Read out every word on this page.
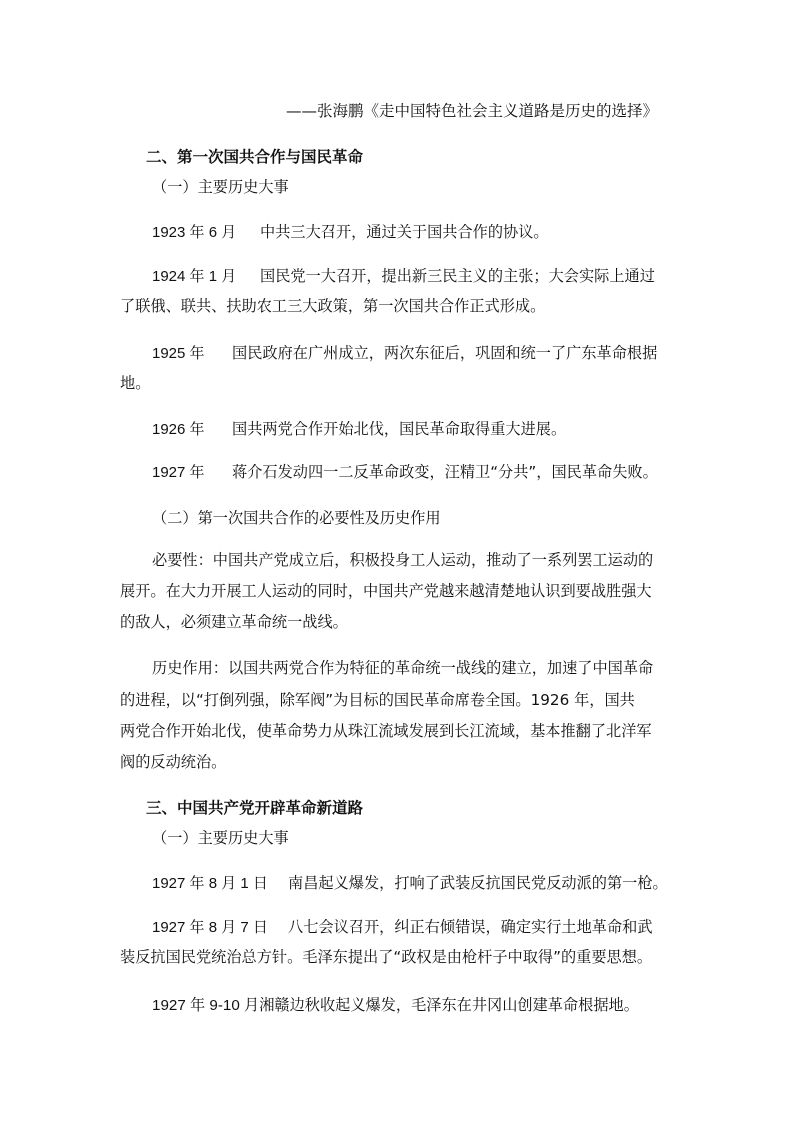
——张海鹏《走中国特色社会主义道路是历史的选择》
二、第一次国共合作与国民革命
（一）主要历史大事
1923 年 6 月 中共三大召开，通过关于国共合作的协议。
1924 年 1 月 国民党一大召开，提出新三民主义的主张；大会实际上通过
了联俄、联共、扶助农工三大政策，第一次国共合作正式形成。
1925 年 国民政府在广州成立，两次东征后，巩固和统一了广东革命根据
地。
1926 年 国共两党合作开始北伐，国民革命取得重大进展。
1927 年 蒋介石发动四一二反革命政变，汪精卫“分共”，国民革命失败。
（二）第一次国共合作的必要性及历史作用
必要性：中国共产党成立后，积极投身工人运动，推动了一系列罢工运动的
展开。在大力开展工人运动的同时，中国共产党越来越清楚地认识到要战胜强大
的敌人，必须建立革命统一战线。
历史作用：以国共两党合作为特征的革命统一战线的建立，加速了中国革命
的进程，以“打倒列强，除军阀”为目标的国民革命席卷全国。1926 年，国共
两党合作开始北伐，使革命势力从珠江流域发展到长江流域，基本推翻了北洋军
阀的反动统治。
三、中国共产党开辟革命新道路
（一）主要历史大事
1927 年 8 月 1 日 南昌起义爆发，打响了武装反抗国民党反动派的第一枪。
1927 年 8 月 7 日 八七会议召开，纠正右倾错误，确定实行土地革命和武
装反抗国民党统治总方针。毛泽东提出了“政权是由枪杆子中取得”的重要思想。
1927 年 9-10 月湘赣边秋收起义爆发，毛泽东在井冈山创建革命根据地。
